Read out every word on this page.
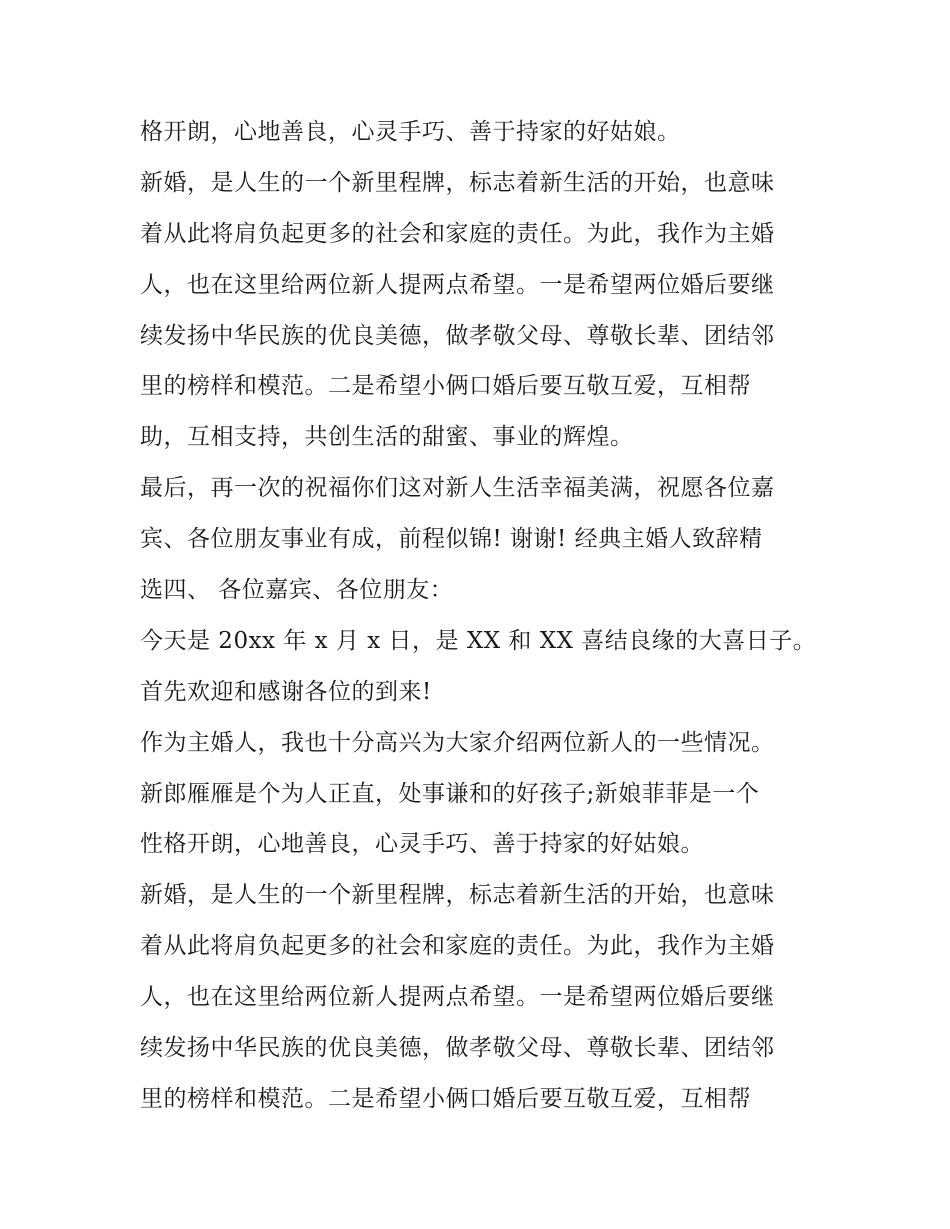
格开朗，心地善良，心灵手巧、善于持家的好姑娘。
新婚，是人生的一个新里程牌，标志着新生活的开始，也意味
着从此将肩负起更多的社会和家庭的责任。为此，我作为主婚
人，也在这里给两位新人提两点希望。一是希望两位婚后要继
续发扬中华民族的优良美德，做孝敬父母、尊敬长辈、团结邻
里的榜样和模范。二是希望小俩口婚后要互敬互爱，互相帮
助，互相支持，共创生活的甜蜜、事业的辉煌。
最后，再一次的祝福你们这对新人生活幸福美满，祝愿各位嘉
宾、各位朋友事业有成，前程似锦! 谢谢! 经典主婚人致辞精
选四、 各位嘉宾、各位朋友：
今天是 20xx 年 x 月 x 日，是 XX 和 XX 喜结良缘的大喜日子。
首先欢迎和感谢各位的到来!
作为主婚人，我也十分高兴为大家介绍两位新人的一些情况。
新郎雁雁是个为人正直，处事谦和的好孩子;新娘菲菲是一个
性格开朗，心地善良，心灵手巧、善于持家的好姑娘。
新婚，是人生的一个新里程牌，标志着新生活的开始，也意味
着从此将肩负起更多的社会和家庭的责任。为此，我作为主婚
人，也在这里给两位新人提两点希望。一是希望两位婚后要继
续发扬中华民族的优良美德，做孝敬父母、尊敬长辈、团结邻
里的榜样和模范。二是希望小俩口婚后要互敬互爱，互相帮
